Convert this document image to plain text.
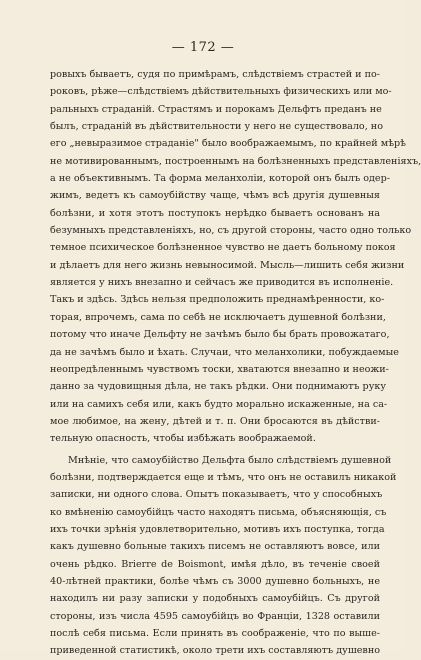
— 172 —
ровыхъ бываетъ, судя по примѣрамъ, слѣдствіемъ страстей и по-
роковъ, рѣже—слѣдствіемъ дѣйствительныхъ физическихъ или мо-
ральныхъ страданій. Страстямъ и порокамъ Дельфтъ преданъ не
былъ, страданій въ дѣйствительности у него не существовало, но
его „невыразимое страданіе" было воображаемымъ, по крайней мѣрѣ
не мотивированнымъ, построеннымъ на болѣзненныхъ представленіяхъ,
а не объективнымъ. Та форма меланхоліи, которой онъ былъ одер-
жимъ, ведетъ къ самоубійству чаще, чѣмъ всѣ другія душевныя
болѣзни, и хотя этотъ поступокъ нерѣдко бываетъ основанъ на
безумныхъ представленіяхъ, но, съ другой стороны, часто одно только
темное психическое болѣзненное чувство не даетъ больному покоя
и дѣлаетъ для него жизнь невыносимой. Мысль—лишить себя жизни
является у нихъ внезапно и сейчасъ же приводится въ исполненіе.
Такъ и здѣсь. Здѣсь нельзя предположить преднамѣренности, ко-
торая, впрочемъ, сама по себѣ не исключаетъ душевной болѣзни,
потому что иначе Дельфту не зачѣмъ было бы брать провожатаго,
да не зачѣмъ было и ѣхать. Случаи, что меланхолики, побуждаемые
неопредѣленнымъ чувствомъ тоски, хватаются внезапно и неожи-
данно за чудовищныя дѣла, не такъ рѣдки. Они поднимаютъ руку
или на самихъ себя или, какъ будто морально искаженные, на са-
мое любимое, на жену, дѣтей и т. п. Они бросаются въ дѣйстви-
тельную опасность, чтобы избѣжать воображаемой.
Мнѣніе, что самоубійство Дельфта было слѣдствіемъ душевной
болѣзни, подтверждается еще и тѣмъ, что онъ не оставилъ никакой
записки, ни одного слова. Опытъ показываетъ, что у способныхъ
ко вмѣненію самоубійцъ часто находятъ письма, объясняющія, съ
ихъ точки зрѣнія удовлетворительно, мотивъ ихъ поступка, тогда
какъ душевно больные такихъ писемъ не оставляютъ вовсе, или
очень рѣдко. Brierre de Boismont, имѣя дѣло, въ теченіе своей
40-лѣтней практики, болѣе чѣмъ съ 3000 душевно больныхъ, не
находилъ ни разу записки у подобныхъ самоубійцъ. Съ другой
стороны, изъ числа 4595 самоубійцъ во Франціи, 1328 оставили
послѣ себя письма. Если принять въ соображеніе, что по выше-
приведенной статистикѣ, около трети ихъ составляютъ душевно
